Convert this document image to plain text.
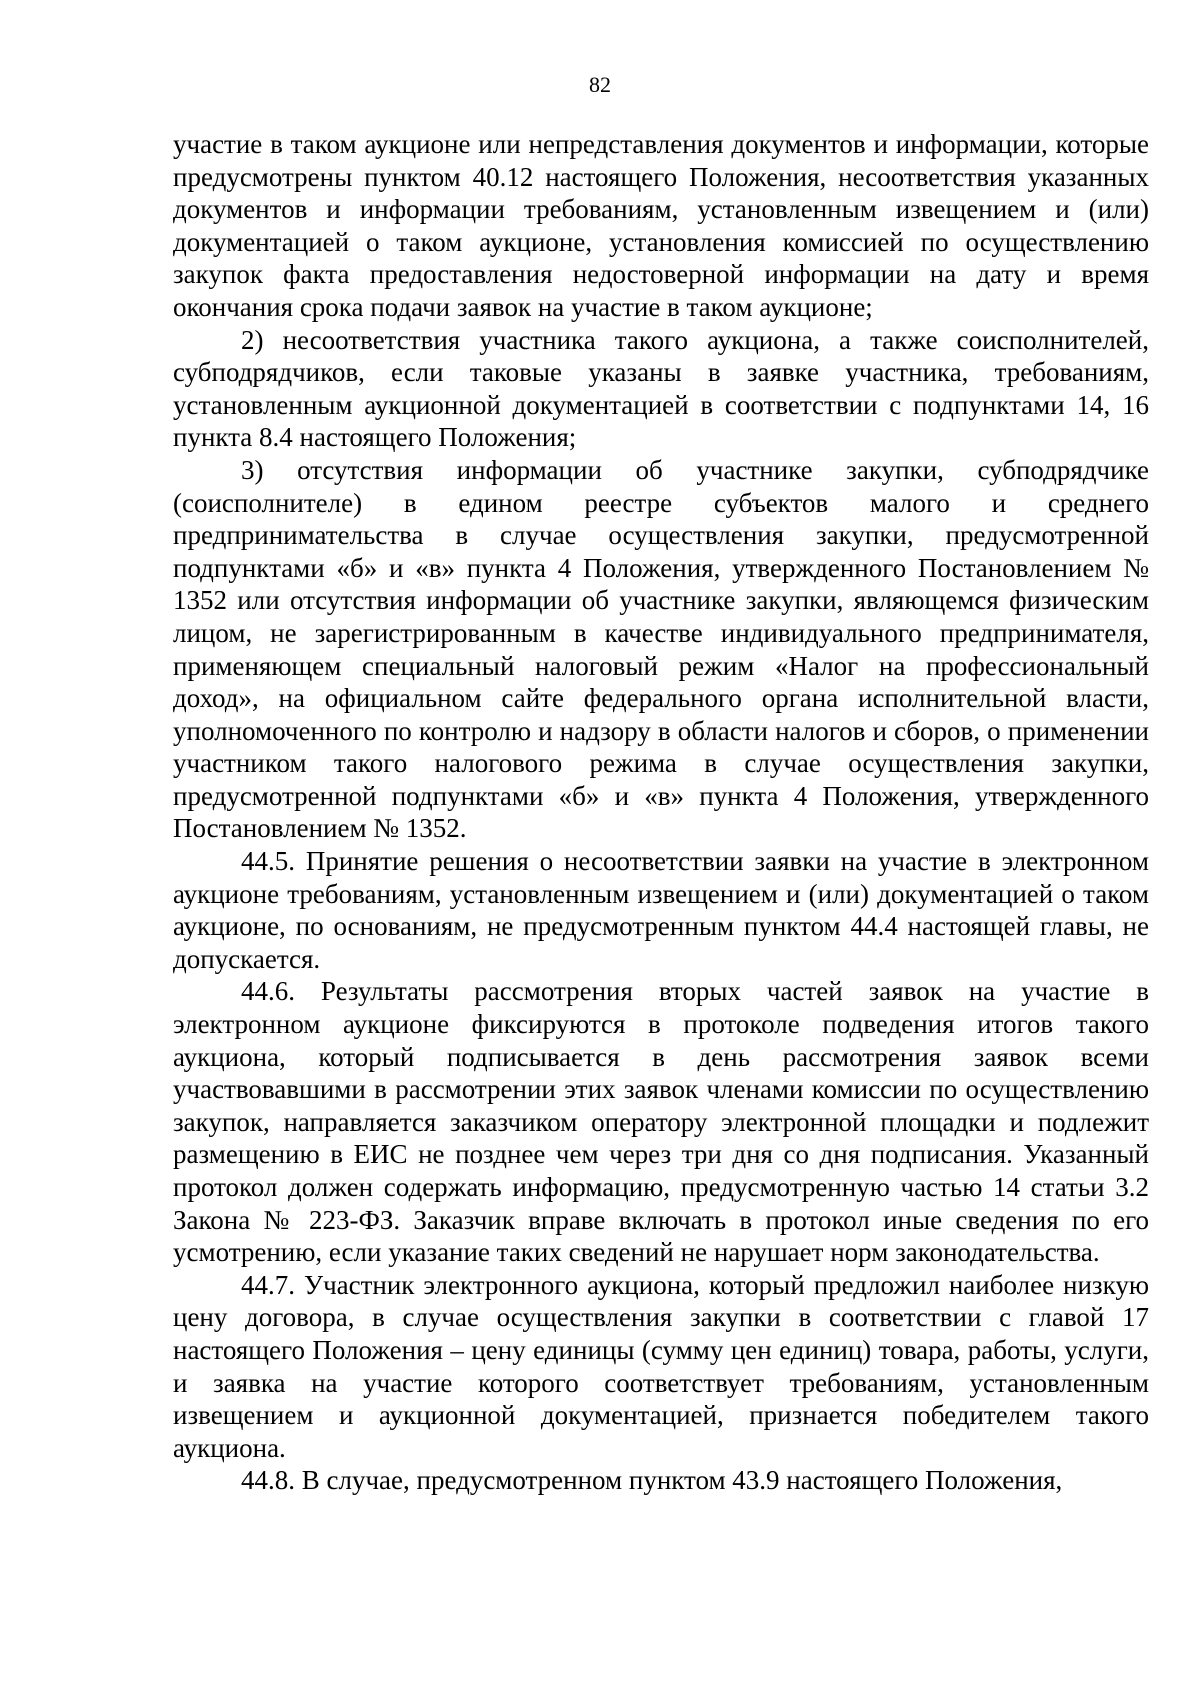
82

участие в таком аукционе или непредставления документов и информации, которые предусмотрены пунктом 40.12 настоящего Положения, несоответствия указанных документов и информации требованиям, установленным извещением и (или) документацией о таком аукционе, установления комиссией по осуществлению закупок факта предоставления недостоверной информации на дату и время окончания срока подачи заявок на участие в таком аукционе;

2) несоответствия участника такого аукциона, а также соисполнителей, субподрядчиков, если таковые указаны в заявке участника, требованиям, установленным аукционной документацией в соответствии с подпунктами 14, 16 пункта 8.4 настоящего Положения;

3) отсутствия информации об участнике закупки, субподрядчике (соисполнителе) в едином реестре субъектов малого и среднего предпринимательства в случае осуществления закупки, предусмотренной подпунктами «б» и «в» пункта 4 Положения, утвержденного Постановлением № 1352 или отсутствия информации об участнике закупки, являющемся физическим лицом, не зарегистрированным в качестве индивидуального предпринимателя, применяющем специальный налоговый режим «Налог на профессиональный доход», на официальном сайте федерального органа исполнительной власти, уполномоченного по контролю и надзору в области налогов и сборов, о применении участником такого налогового режима в случае осуществления закупки, предусмотренной подпунктами «б» и «в» пункта 4 Положения, утвержденного Постановлением № 1352.

44.5. Принятие решения о несоответствии заявки на участие в электронном аукционе требованиям, установленным извещением и (или) документацией о таком аукционе, по основаниям, не предусмотренным пунктом 44.4 настоящей главы, не допускается.

44.6. Результаты рассмотрения вторых частей заявок на участие в электронном аукционе фиксируются в протоколе подведения итогов такого аукциона, который подписывается в день рассмотрения заявок всеми участвовавшими в рассмотрении этих заявок членами комиссии по осуществлению закупок, направляется заказчиком оператору электронной площадки и подлежит размещению в ЕИС не позднее чем через три дня со дня подписания. Указанный протокол должен содержать информацию, предусмотренную частью 14 статьи 3.2 Закона № 223-ФЗ. Заказчик вправе включать в протокол иные сведения по его усмотрению, если указание таких сведений не нарушает норм законодательства.

44.7. Участник электронного аукциона, который предложил наиболее низкую цену договора, в случае осуществления закупки в соответствии с главой 17 настоящего Положения – цену единицы (сумму цен единиц) товара, работы, услуги, и заявка на участие которого соответствует требованиям, установленным извещением и аукционной документацией, признается победителем такого аукциона.

44.8. В случае, предусмотренном пунктом 43.9 настоящего Положения,
